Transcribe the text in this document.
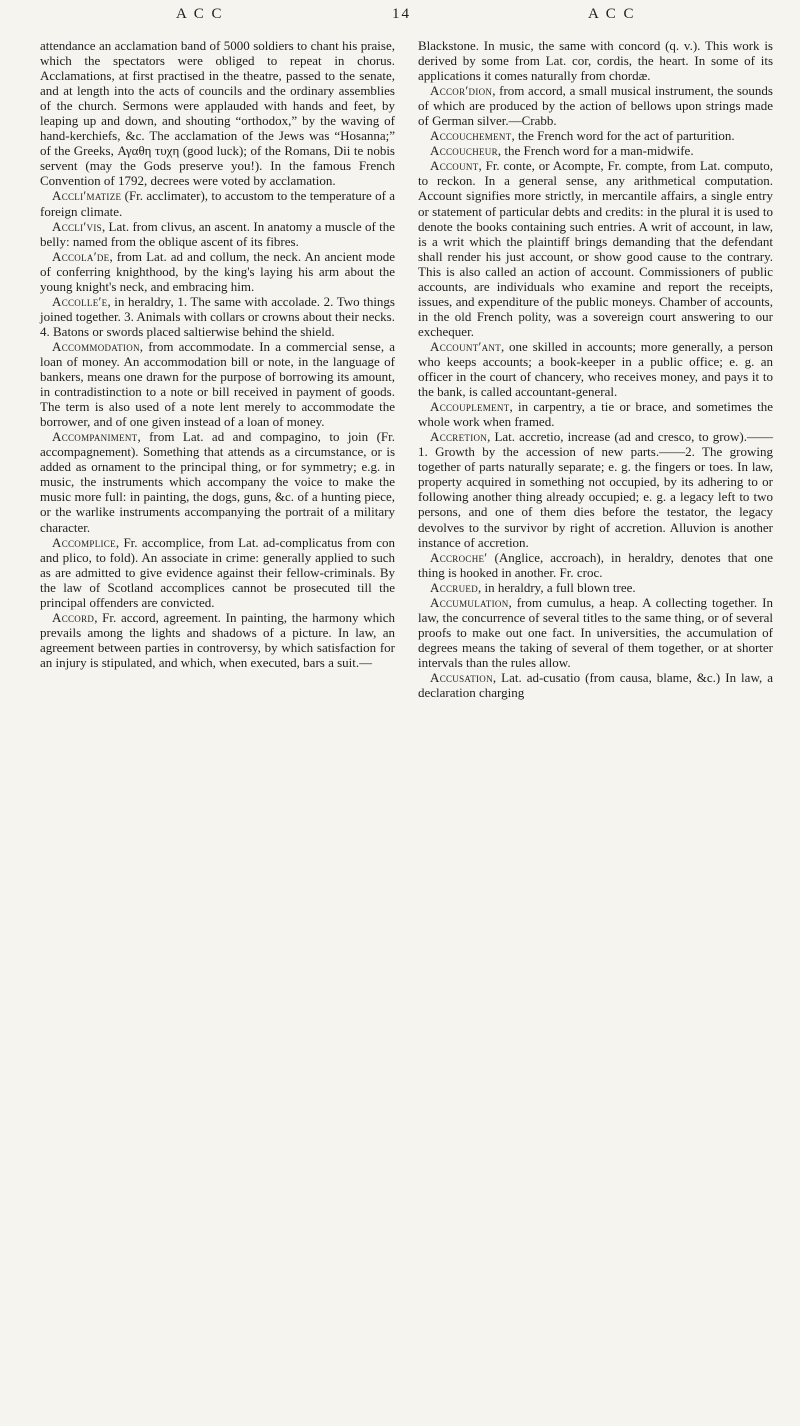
A C C	14	A C C

attendance an acclamation band of 5000 soldiers to chant his praise, which the spectators were obliged to repeat in chorus. Acclamations, at first practised in the theatre, passed to the senate, and at length into the acts of councils and the ordinary assemblies of the church. Sermons were applauded with hands and feet, by leaping up and down, and shouting “orthodox,” by the waving of hand-kerchiefs, &c. The acclamation of the Jews was “Hosanna;” of the Greeks, Αγαθη τυχη (good luck); of the Romans, Dii te nobis servent (may the Gods preserve you!). In the famous French Convention of 1792, decrees were voted by acclamation.

Accli′matize (Fr. acclimater), to accustom to the temperature of a foreign climate.

Accli′vis, Lat. from clivus, an ascent. In anatomy a muscle of the belly: named from the oblique ascent of its fibres.

Accola′de, from Lat. ad and collum, the neck. An ancient mode of conferring knighthood, by the king's laying his arm about the young knight's neck, and embracing him.

Accolle′e, in heraldry, 1. The same with accolade. 2. Two things joined together. 3. Animals with collars or crowns about their necks. 4. Batons or swords placed saltierwise behind the shield.

Accommodation, from accommodate. In a commercial sense, a loan of money. An accommodation bill or note, in the language of bankers, means one drawn for the purpose of borrowing its amount, in contradistinction to a note or bill received in payment of goods. The term is also used of a note lent merely to accommodate the borrower, and of one given instead of a loan of money.

Accompaniment, from Lat. ad and compagino, to join (Fr. accompagnement). Something that attends as a circumstance, or is added as ornament to the principal thing, or for symmetry; e.g. in music, the instruments which accompany the voice to make the music more full: in painting, the dogs, guns, &c. of a hunting piece, or the warlike instruments accompanying the portrait of a military character.

Accomplice, Fr. accomplice, from Lat. ad-complicatus from con and plico, to fold). An associate in crime: generally applied to such as are admitted to give evidence against their fellow-criminals. By the law of Scotland accomplices cannot be prosecuted till the principal offenders are convicted.

Accord, Fr. accord, agreement. In painting, the harmony which prevails among the lights and shadows of a picture. In law, an agreement between parties in controversy, by which satisfaction for an injury is stipulated, and which, when executed, bars a suit.—

Blackstone. In music, the same with concord (q. v.). This work is derived by some from Lat. cor, cordis, the heart. In some of its applications it comes naturally from chordæ.

Accor′dion, from accord, a small musical instrument, the sounds of which are produced by the action of bellows upon strings made of German silver.—Crabb.

Accouchement, the French word for the act of parturition.

Accoucheur, the French word for a man-midwife.

Account, Fr. conte, or Acompte, Fr. compte, from Lat. computo, to reckon. In a general sense, any arithmetical computation. Account signifies more strictly, in mercantile affairs, a single entry or statement of particular debts and credits: in the plural it is used to denote the books containing such entries. A writ of account, in law, is a writ which the plaintiff brings demanding that the defendant shall render his just account, or show good cause to the contrary. This is also called an action of account. Commissioners of public accounts, are individuals who examine and report the receipts, issues, and expenditure of the public moneys. Chamber of accounts, in the old French polity, was a sovereign court answering to our exchequer.

Account′ant, one skilled in accounts; more generally, a person who keeps accounts; a book-keeper in a public office; e. g. an officer in the court of chancery, who receives money, and pays it to the bank, is called accountant-general.

Accouplement, in carpentry, a tie or brace, and sometimes the whole work when framed.

Accretion, Lat. accretio, increase (ad and cresco, to grow).——1. Growth by the accession of new parts.——2. The growing together of parts naturally separate; e. g. the fingers or toes. In law, property acquired in something not occupied, by its adhering to or following another thing already occupied; e. g. a legacy left to two persons, and one of them dies before the testator, the legacy devolves to the survivor by right of accretion. Alluvion is another instance of accretion.

Accroche′ (Anglice, accroach), in heraldry, denotes that one thing is hooked in another. Fr. croc.

Accrued, in heraldry, a full blown tree.

Accumulation, from cumulus, a heap. A collecting together. In law, the concurrence of several titles to the same thing, or of several proofs to make out one fact. In universities, the accumulation of degrees means the taking of several of them together, or at shorter intervals than the rules allow.

Accusation, Lat. ad-cusatio (from causa, blame, &c.) In law, a declaration charging
